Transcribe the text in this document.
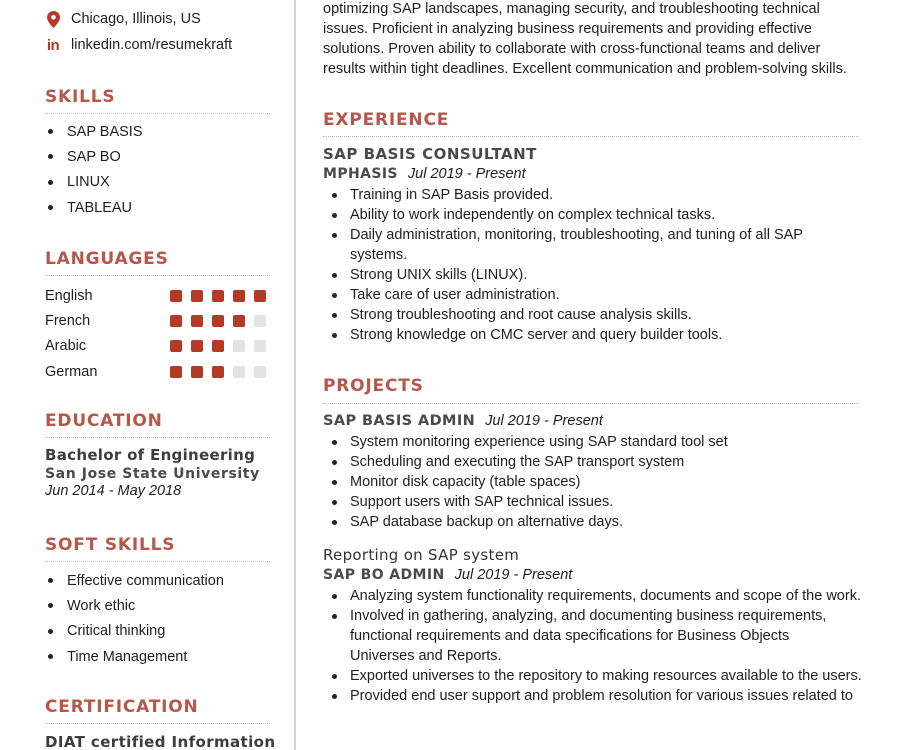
Chicago, Illinois, US
in linkedin.com/resumekraft
SKILLS
SAP BASIS
SAP BO
LINUX
TABLEAU
LANGUAGES
English
French
Arabic
German
EDUCATION
Bachelor of Engineering
San Jose State University
Jun 2014 - May 2018
SOFT SKILLS
Effective communication
Work ethic
Critical thinking
Time Management
CERTIFICATION
DIAT certified Information
optimizing SAP landscapes, managing security, and troubleshooting technical
issues. Proficient in analyzing business requirements and providing effective
solutions. Proven ability to collaborate with cross-functional teams and deliver
results within tight deadlines. Excellent communication and problem-solving skills.
EXPERIENCE
SAP BASIS CONSULTANT
MPHASIS Jul 2019 - Present
Training in SAP Basis provided.
Ability to work independently on complex technical tasks.
Daily administration, monitoring, troubleshooting, and tuning of all SAP systems.
Strong UNIX skills (LINUX).
Take care of user administration.
Strong troubleshooting and root cause analysis skills.
Strong knowledge on CMC server and query builder tools.
PROJECTS
SAP BASIS ADMIN Jul 2019 - Present
System monitoring experience using SAP standard tool set
Scheduling and executing the SAP transport system
Monitor disk capacity (table spaces)
Support users with SAP technical issues.
SAP database backup on alternative days.
Reporting on SAP system
SAP BO ADMIN Jul 2019 - Present
Analyzing system functionality requirements, documents and scope of the work.
Involved in gathering, analyzing, and documenting business requirements, functional requirements and data specifications for Business Objects Universes and Reports.
Exported universes to the repository to making resources available to the users.
Provided end user support and problem resolution for various issues related to
